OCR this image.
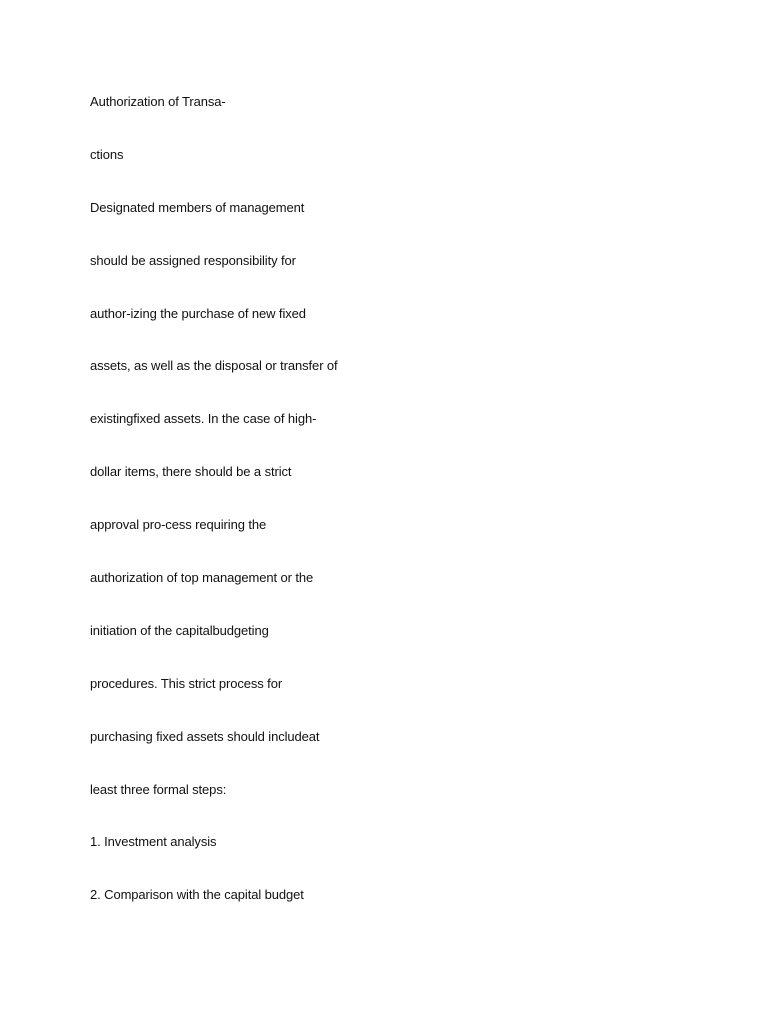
Authorization of Transa-
ctions
Designated members of management
should be assigned responsibility for
author-izing the purchase of new fixed
assets, as well as the disposal or transfer of
existingfixed assets. In the case of high-
dollar items, there should be a strict
approval pro-cess requiring the
authorization of top management or the
initiation of the capitalbudgeting
procedures. This strict process for
purchasing fixed assets should includeat
least three formal steps:
1. Investment analysis
2. Comparison with the capital budget
